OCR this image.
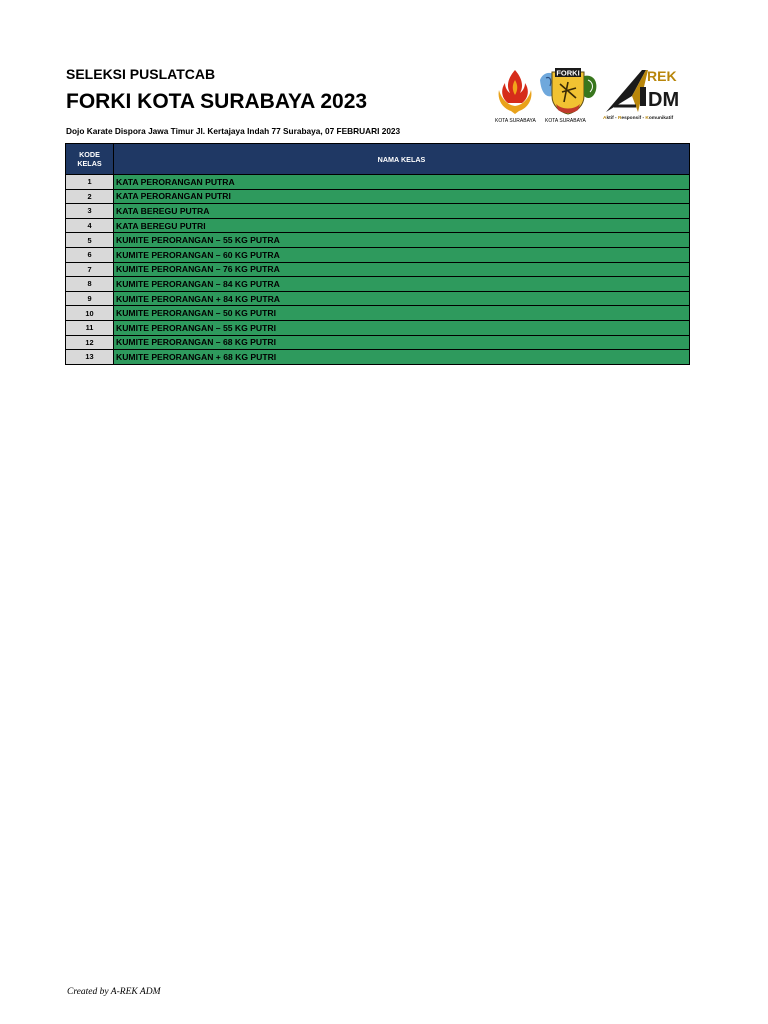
SELEKSI PUSLATCAB
FORKI KOTA SURABAYA 2023
Dojo Karate Dispora Jawa Timur Jl. Kertajaya Indah 77 Surabaya, 07 FEBRUARI 2023
KOTA SURABAYA
FORKI
KOTA SURABAYA
REK
DM
Aktif - Responsif - Komunikatif
KODE
KELAS	NAMA KELAS
1	KATA PERORANGAN PUTRA
2	KATA PERORANGAN PUTRI
3	KATA BEREGU PUTRA
4	KATA BEREGU PUTRI
5	KUMITE PERORANGAN – 55 KG PUTRA
6	KUMITE PERORANGAN – 60 KG PUTRA
7	KUMITE PERORANGAN – 76 KG PUTRA
8	KUMITE PERORANGAN – 84 KG PUTRA
9	KUMITE PERORANGAN + 84 KG PUTRA
10	KUMITE PERORANGAN – 50 KG PUTRI
11	KUMITE PERORANGAN – 55 KG PUTRI
12	KUMITE PERORANGAN – 68 KG PUTRI
13	KUMITE PERORANGAN + 68 KG PUTRI
Created by A-REK ADM
